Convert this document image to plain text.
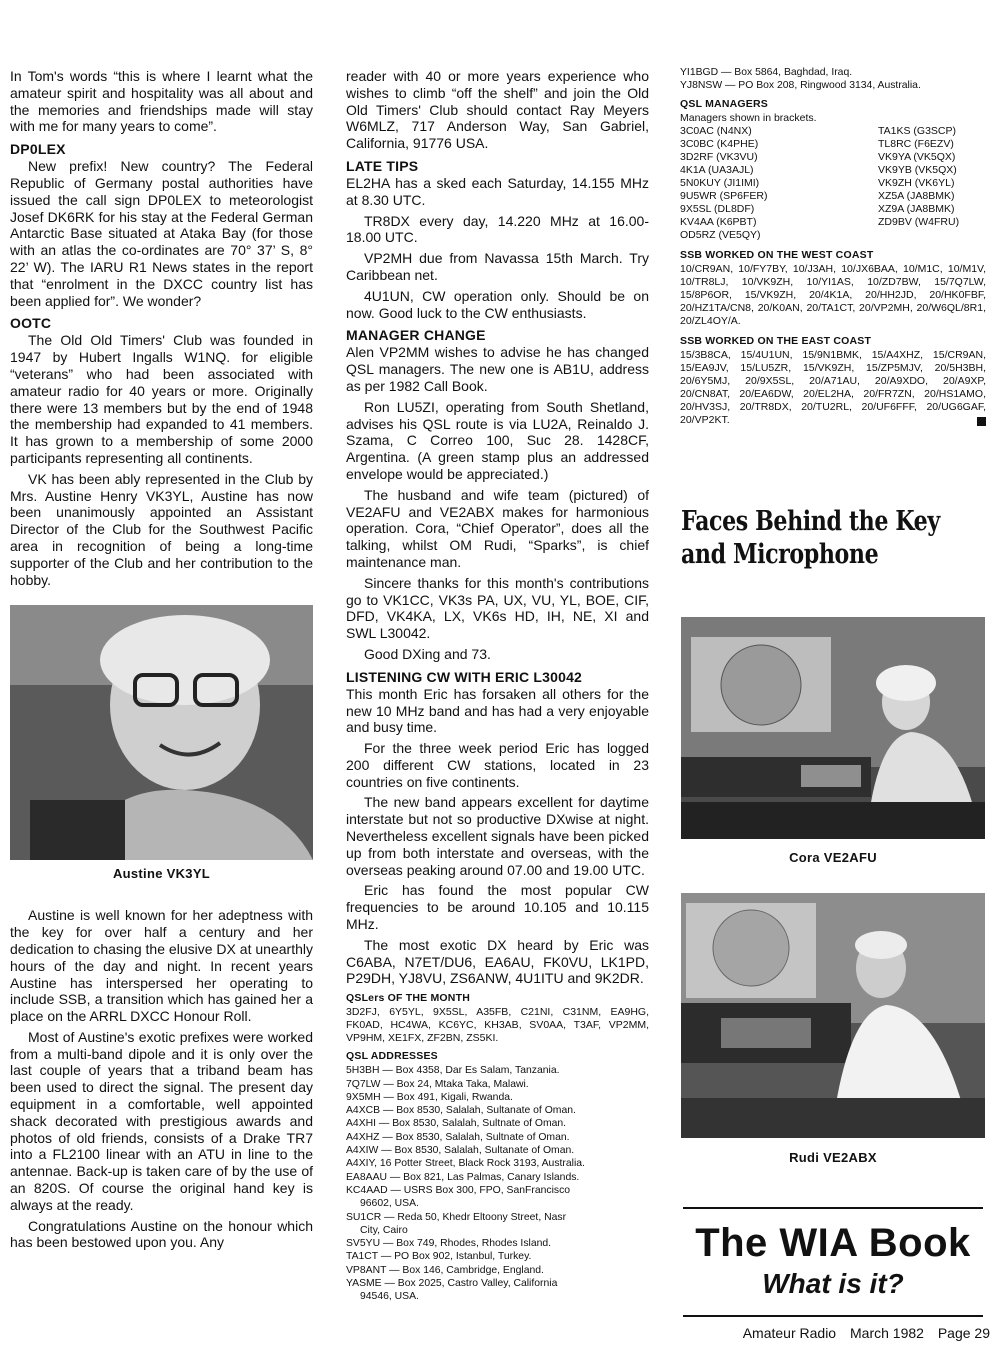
In Tom's words “this is where I learnt what the amateur spirit and hospitality was all about and the memories and friendships made will stay with me for many years to come”.

DP0LEX

New prefix! New country? The Federal Republic of Germany postal authorities have issued the call sign DP0LEX to meteorologist Josef DK6RK for his stay at the Federal German Antarctic Base situated at Ataka Bay (for those with an atlas the co-ordinates are 70° 37’ S, 8° 22’ W). The IARU R1 News states in the report that “enrolment in the DXCC country list has been applied for”. We wonder?

OOTC

The Old Old Timers' Club was founded in 1947 by Hubert Ingalls W1NQ. for eligible “veterans” who had been associated with amateur radio for 40 years or more. Originally there were 13 members but by the end of 1948 the membership had expanded to 41 members. It has grown to a membership of some 2000 participants representing all continents.

VK has been ably represented in the Club by Mrs. Austine Henry VK3YL, Austine has now been unanimously appointed an Assistant Director of the Club for the Southwest Pacific area in recognition of being a long-time supporter of the Club and her contribution to the hobby.

Austine VK3YL

Austine is well known for her adeptness with the key for over half a century and her dedication to chasing the elusive DX at unearthly hours of the day and night. In recent years Austine has interspersed her operating to include SSB, a transition which has gained her a place on the ARRL DXCC Honour Roll.

Most of Austine's exotic prefixes were worked from a multi-band dipole and it is only over the last couple of years that a triband beam has been used to direct the signal. The present day equipment in a comfortable, well appointed shack decorated with prestigious awards and photos of old friends, consists of a Drake TR7 into a FL2100 linear with an ATU in line to the antennae. Back-up is taken care of by the use of an 820S. Of course the original hand key is always at the ready.

Congratulations Austine on the honour which has been bestowed upon you. Any

reader with 40 or more years experience who wishes to climb “off the shelf” and join the Old Old Timers' Club should contact Ray Meyers W6MLZ, 717 Anderson Way, San Gabriel, California, 91776 USA.

LATE TIPS

EL2HA has a sked each Saturday, 14.155 MHz at 8.30 UTC.

TR8DX every day, 14.220 MHz at 16.00-18.00 UTC.

VP2MH due from Navassa 15th March. Try Caribbean net.

4U1UN, CW operation only. Should be on now. Good luck to the CW enthusiasts.

MANAGER CHANGE

Alen VP2MM wishes to advise he has changed QSL managers. The new one is AB1U, address as per 1982 Call Book.

Ron LU5ZI, operating from South Shetland, advises his QSL route is via LU2A, Reinaldo J. Szama, C Correo 100, Suc 28. 1428CF, Argentina. (A green stamp plus an addressed envelope would be appreciated.)

The husband and wife team (pictured) of VE2AFU and VE2ABX makes for harmonious operation. Cora, “Chief Operator”, does all the talking, whilst OM Rudi, “Sparks”, is chief maintenance man.

Sincere thanks for this month's contributions go to VK1CC, VK3s PA, UX, VU, YL, BOE, CIF, DFD, VK4KA, LX, VK6s HD, IH, NE, XI and SWL L30042.

Good DXing and 73.

LISTENING CW WITH ERIC L30042

This month Eric has forsaken all others for the new 10 MHz band and has had a very enjoyable and busy time.

For the three week period Eric has logged 200 different CW stations, located in 23 countries on five continents.

The new band appears excellent for daytime interstate but not so productive DXwise at night. Nevertheless excellent signals have been picked up from both interstate and overseas, with the overseas peaking around 07.00 and 19.00 UTC.

Eric has found the most popular CW frequencies to be around 10.105 and 10.115 MHz.

The most exotic DX heard by Eric was C6ABA, N7ET/DU6, EA6AU, FK0VU, LK1PD, P29DH, YJ8VU, ZS6ANW, 4U1ITU and 9K2DR.

QSLers OF THE MONTH
3D2FJ, 6Y5YL, 9X5SL, A35FB, C21NI, C31NM, EA9HG, FK0AD, HC4WA, KC6YC, KH3AB, SV0AA, T3AF, VP2MM, VP9HM, XE1FX, ZF2BN, ZS5KI.
QSL ADDRESSES
5H3BH — Box 4358, Dar Es Salam, Tanzania.
7Q7LW — Box 24, Mtaka Taka, Malawi.
9X5MH — Box 491, Kigali, Rwanda.
A4XCB — Box 8530, Salalah, Sultanate of Oman.
A4XHI — Box 8530, Salalah, Sultnate of Oman.
A4XHZ — Box 8530, Salalah, Sultnate of Oman.
A4XIW — Box 8530, Salalah, Sultanate of Oman.
A4XIY, 16 Potter Street, Black Rock 3193, Australia.
EA8AAU — Box 821, Las Palmas, Canary Islands.
KC4AAD — USRS Box 300, FPO, SanFrancisco
96602, USA.
SU1CR — Reda 50, Khedr Eltoony Street, Nasr
City, Cairo
SV5YU — Box 749, Rhodes, Rhodes Island.
TA1CT — PO Box 902, Istanbul, Turkey.
VP8ANT — Box 146, Cambridge, England.
YASME — Box 2025, Castro Valley, California
94546, USA.
YI1BGD — Box 5864, Baghdad, Iraq.
YJ8NSW — PO Box 208, Ringwood 3134, Australia.
QSL MANAGERS
Managers shown in brackets.
3C0AC (N4NX)	TA1KS (G3SCP)
3C0BC (K4PHE)	TL8RC (F6EZV)
3D2RF (VK3VU)	VK9YA (VK5QX)
4K1A (UA3AJL)	VK9YB (VK5QX)
5N0KUY (JI1IMI)	VK9ZH (VK6YL)
9U5WR (SP6FER)	XZ5A (JA8BMK)
9X5SL (DL8DF)	XZ9A (JA8BMK)
KV4AA (K6PBT)	ZD9BV (W4FRU)
OD5RZ (VE5QY)
SSB WORKED ON THE WEST COAST
10/CR9AN, 10/FY7BY, 10/J3AH, 10/JX6BAA, 10/M1C, 10/M1V, 10/TR8LJ, 10/VK9ZH, 10/YI1AS, 10/ZD7BW, 15/7Q7LW, 15/8P6OR, 15/VK9ZH, 20/4K1A, 20/HH2JD, 20/HK0FBF, 20/HZ1TA/CN8, 20/K0AN, 20/TA1CT, 20/VP2MH, 20/W6QL/8R1, 20/ZL4OY/A.
SSB WORKED ON THE EAST COAST
15/3B8CA, 15/4U1UN, 15/9N1BMK, 15/A4XHZ, 15/CR9AN, 15/EA9JV, 15/LU5ZR, 15/VK9ZH, 15/ZP5MJV, 20/5H3BH, 20/6Y5MJ, 20/9X5SL, 20/A71AU, 20/A9XDO, 20/A9XP, 20/CN8AT, 20/EA6DW, 20/EL2HA, 20/FR7ZN, 20/HS1AMO, 20/HV3SJ, 20/TR8DX, 20/TU2RL, 20/UF6FFF, 20/UG6GAF, 20/VP2KT.
Faces Behind the Key and Microphone
Cora VE2AFU
Rudi VE2ABX
The WIA Book
What is it?
Amateur Radio March 1982 Page 29
